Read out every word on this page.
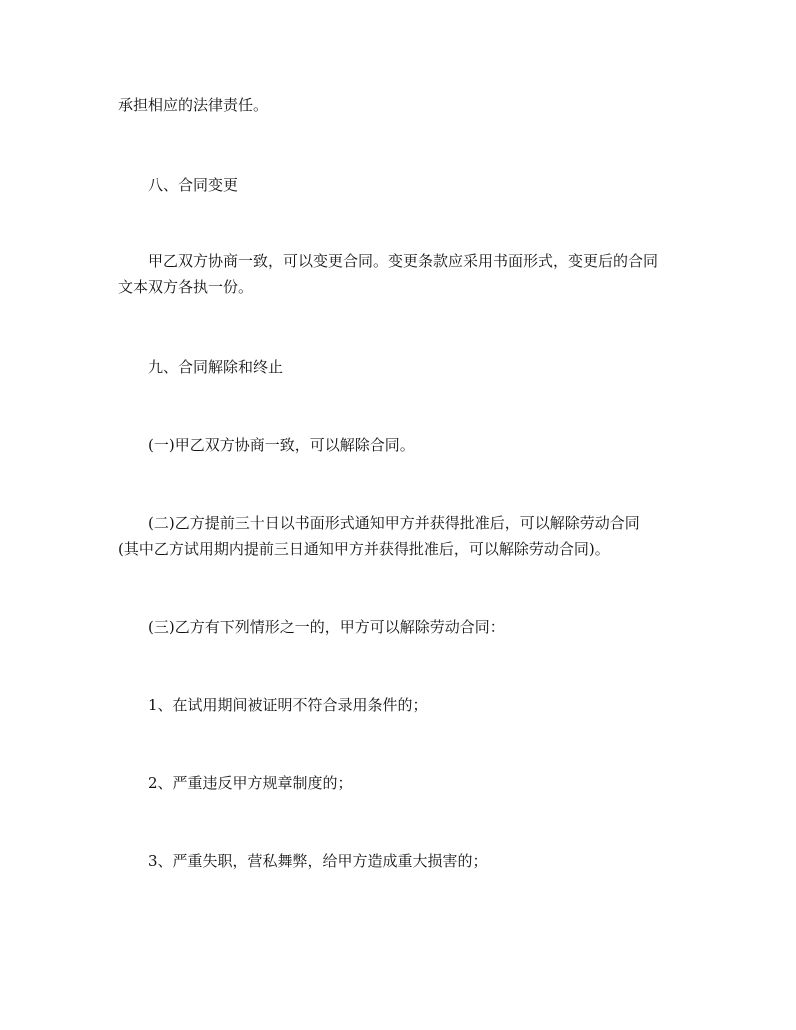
承担相应的法律责任。
八、合同变更
甲乙双方协商一致，可以变更合同。变更条款应采用书面形式，变更后的合同
文本双方各执一份。
九、合同解除和终止
(一)甲乙双方协商一致，可以解除合同。
(二)乙方提前三十日以书面形式通知甲方并获得批准后，可以解除劳动合同
(其中乙方试用期内提前三日通知甲方并获得批准后，可以解除劳动合同)。
(三)乙方有下列情形之一的，甲方可以解除劳动合同：
1、在试用期间被证明不符合录用条件的；
2、严重违反甲方规章制度的；
3、严重失职，营私舞弊，给甲方造成重大损害的；
